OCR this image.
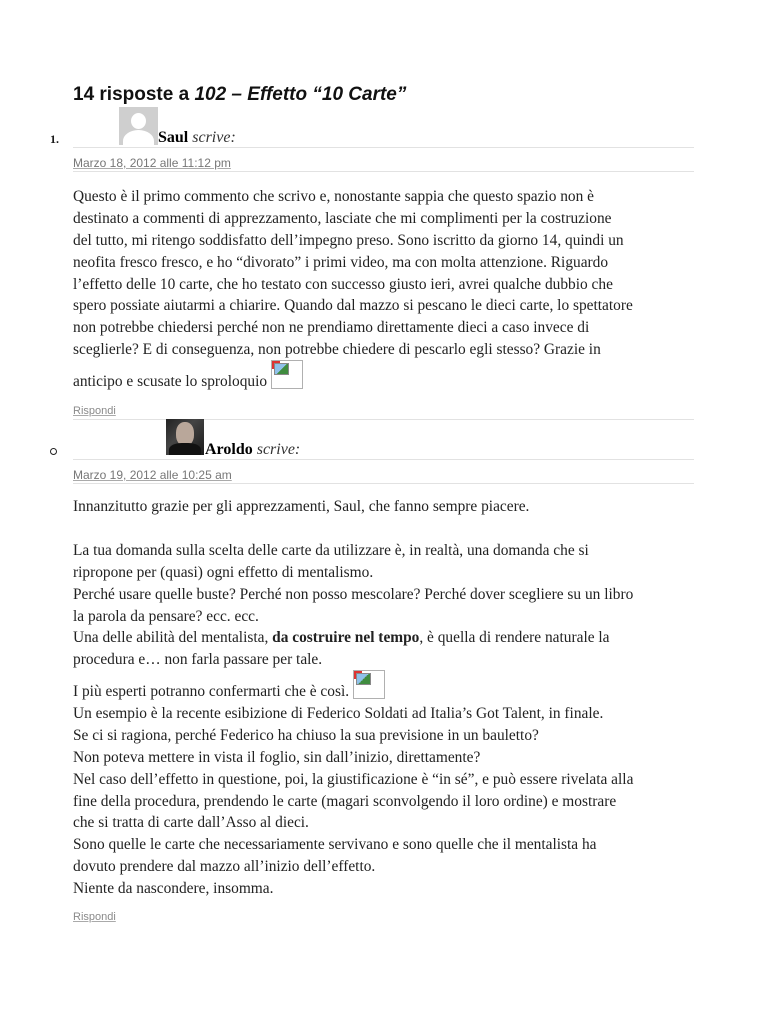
14 risposte a 102 – Effetto “10 Carte”
1.	Saul scrive:
Marzo 18, 2012 alle 11:12 pm
Questo è il primo commento che scrivo e, nonostante sappia che questo spazio non è
destinato a commenti di apprezzamento, lasciate che mi complimenti per la costruzione
del tutto, mi ritengo soddisfatto dell’impegno preso. Sono iscritto da giorno 14, quindi un
neofita fresco fresco, e ho “divorato” i primi video, ma con molta attenzione. Riguardo
l’effetto delle 10 carte, che ho testato con successo giusto ieri, avrei qualche dubbio che
spero possiate aiutarmi a chiarire. Quando dal mazzo si pescano le dieci carte, lo spettatore
non potrebbe chiedersi perché non ne prendiamo direttamente dieci a caso invece di
sceglierle? E di conseguenza, non potrebbe chiedere di pescarlo egli stesso? Grazie in
anticipo e scusate lo sproloquio
Rispondi
Aroldo scrive:
Marzo 19, 2012 alle 10:25 am
Innanzitutto grazie per gli apprezzamenti, Saul, che fanno sempre piacere.
La tua domanda sulla scelta delle carte da utilizzare è, in realtà, una domanda che si
ripropone per (quasi) ogni effetto di mentalismo.
Perché usare quelle buste? Perché non posso mescolare? Perché dover scegliere su un libro
la parola da pensare? ecc. ecc.
Una delle abilità del mentalista, da costruire nel tempo, è quella di rendere naturale la
procedura e… non farla passare per tale.
I più esperti potranno confermarti che è così.
Un esempio è la recente esibizione di Federico Soldati ad Italia’s Got Talent, in finale.
Se ci si ragiona, perché Federico ha chiuso la sua previsione in un bauletto?
Non poteva mettere in vista il foglio, sin dall’inizio, direttamente?
Nel caso dell’effetto in questione, poi, la giustificazione è “in sé”, e può essere rivelata alla
fine della procedura, prendendo le carte (magari sconvolgendo il loro ordine) e mostrare
che si tratta di carte dall’Asso al dieci.
Sono quelle le carte che necessariamente servivano e sono quelle che il mentalista ha
dovuto prendere dal mazzo all’inizio dell’effetto.
Niente da nascondere, insomma.
Rispondi
